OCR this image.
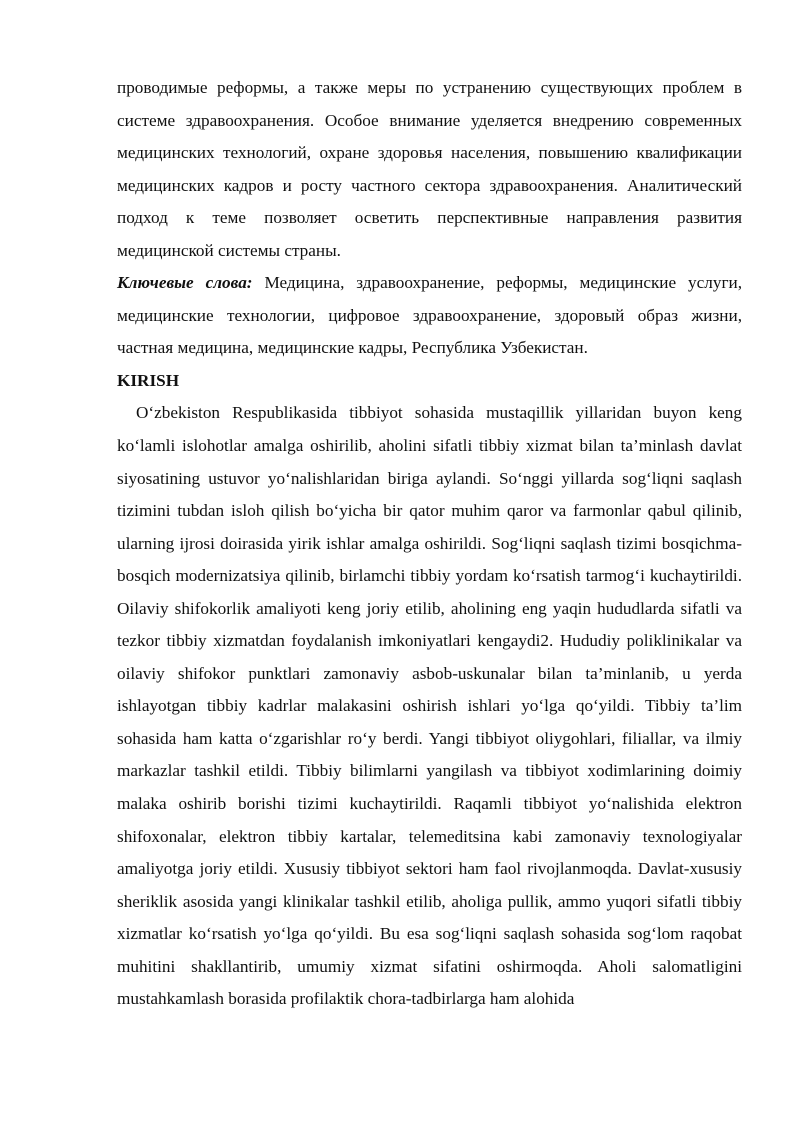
проводимые реформы, а также меры по устранению существующих проблем в системе здравоохранения. Особое внимание уделяется внедрению современных медицинских технологий, охране здоровья населения, повышению квалификации медицинских кадров и росту частного сектора здравоохранения. Аналитический подход к теме позволяет осветить перспективные направления развития медицинской системы страны.

Ключевые слова: Медицина, здравоохранение, реформы, медицинские услуги, медицинские технологии, цифровое здравоохранение, здоровый образ жизни, частная медицина, медицинские кадры, Республика Узбекистан.

KIRISH

O‘zbekiston Respublikasida tibbiyot sohasida mustaqillik yillaridan buyon keng ko‘lamli islohotlar amalga oshirilib, aholini sifatli tibbiy xizmat bilan ta’minlash davlat siyosatining ustuvor yo‘nalishlaridan biriga aylandi. So‘nggi yillarda sog‘liqni saqlash tizimini tubdan isloh qilish bo‘yicha bir qator muhim qaror va farmonlar qabul qilinib, ularning ijrosi doirasida yirik ishlar amalga oshirildi. Sog‘liqni saqlash tizimi bosqichma-bosqich modernizatsiya qilinib, birlamchi tibbiy yordam ko‘rsatish tarmog‘i kuchaytirildi. Oilaviy shifokorlik amaliyoti keng joriy etilib, aholining eng yaqin hududlarda sifatli va tezkor tibbiy xizmatdan foydalanish imkoniyatlari kengaydi2. Hududiy poliklinikalar va oilaviy shifokor punktlari zamonaviy asbob-uskunalar bilan ta’minlanib, u yerda ishlayotgan tibbiy kadrlar malakasini oshirish ishlari yo‘lga qo‘yildi. Tibbiy ta’lim sohasida ham katta o‘zgarishlar ro‘y berdi. Yangi tibbiyot oliygohlari, filiallar, va ilmiy markazlar tashkil etildi. Tibbiy bilimlarni yangilash va tibbiyot xodimlarining doimiy malaka oshirib borishi tizimi kuchaytirildi. Raqamli tibbiyot yo‘nalishida elektron shifoxonalar, elektron tibbiy kartalar, telemeditsina kabi zamonaviy texnologiyalar amaliyotga joriy etildi. Xususiy tibbiyot sektori ham faol rivojlanmoqda. Davlat-xususiy sheriklik asosida yangi klinikalar tashkil etilib, aholiga pullik, ammo yuqori sifatli tibbiy xizmatlar ko‘rsatish yo‘lga qo‘yildi. Bu esa sog‘liqni saqlash sohasida sog‘lom raqobat muhitini shakllantirib, umumiy xizmat sifatini oshirmoqda. Aholi salomatligini mustahkamlash borasida profilaktik chora-tadbirlarga ham alohida
